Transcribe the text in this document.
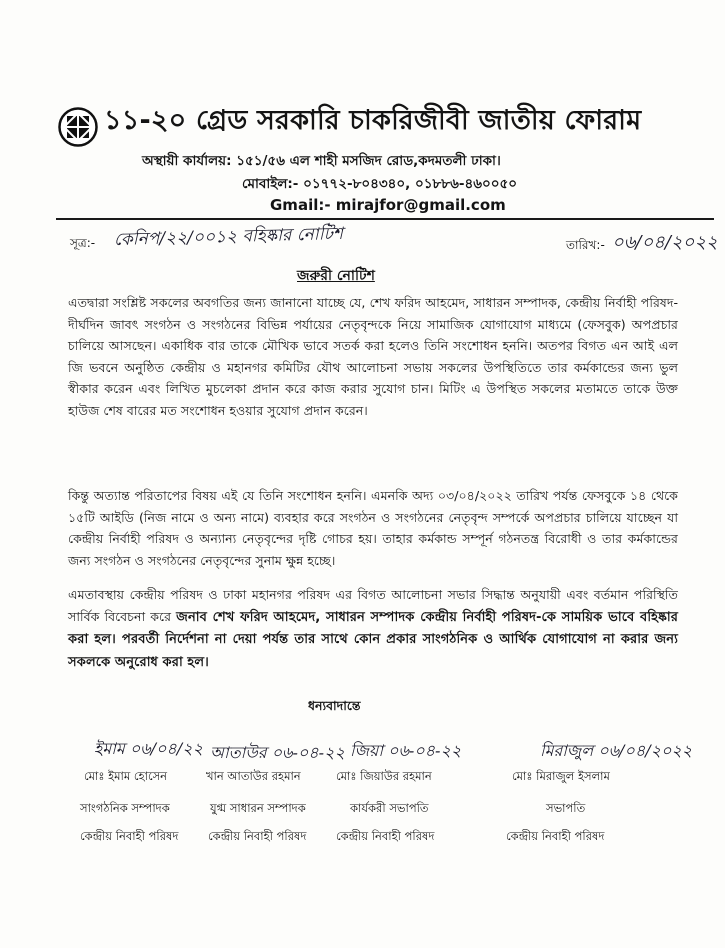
১১-২০ গ্রেড সরকারি চাকরিজীবী জাতীয় ফোরাম
অস্থায়ী কার্যালয়: ১৫১/৫৬ এল শাহী মসজিদ রোড,কদমতলী ঢাকা।
মোবাইল:- ০১৭৭২-৮০৪৩৪০, ০১৮৮৬-৪৬০০৫০
Gmail:- mirajfor@gmail.com
সূত্র:- কেনিপ/২২/০০১২ বহিষ্কার নোটিশ	তারিখ:- ০৬/০৪/২০২২
জরুরী নোটিশ
এতদ্বারা সংশ্লিষ্ট সকলের অবগতির জন্য জানানো যাচ্ছে যে, শেখ ফরিদ আহমেদ, সাধারন সম্পাদক, কেন্দ্রীয় নির্বাহী পরিষদ- দীর্ঘদিন জাবৎ সংগঠন ও সংগঠনের বিভিন্ন পর্যায়ের নেতৃবৃন্দকে নিয়ে সামাজিক যোগাযোগ মাধ্যমে (ফেসবুক) অপপ্রচার চালিয়ে আসছেন। একাধিক বার তাকে মৌখিক ভাবে সতর্ক করা হলেও তিনি সংশোধন হননি। অতপর বিগত এন আই এল জি ভবনে অনুষ্ঠিত কেন্দ্রীয় ও মহানগর কমিটির যৌথ আলোচনা সভায় সকলের উপস্থিতিতে তার কর্মকান্ডের জন্য ভুল স্বীকার করেন এবং লিখিত মুচলেকা প্রদান করে কাজ করার সুযোগ চান। মিটিং এ উপস্থিত সকলের মতামতে তাকে উক্ত হাউজ শেষ বারের মত সংশোধন হওয়ার সুযোগ প্রদান করেন।
কিন্তু অত্যান্ত পরিতাপের বিষয় এই যে তিনি সংশোধন হননি। এমনকি অদ্য ০৩/০৪/২০২২ তারিখ পর্যন্ত ফেসবুকে ১৪ থেকে ১৫টি আইডি (নিজ নামে ও অন্য নামে) ব্যবহার করে সংগঠন ও সংগঠনের নেতৃবৃন্দ সম্পর্কে অপপ্রচার চালিয়ে যাচ্ছেন যা কেন্দ্রীয় নির্বাহী পরিষদ ও অন্যান্য নেতৃবৃন্দের দৃষ্টি গোচর হয়। তাহার কর্মকান্ড সম্পূর্ন গঠনতন্ত্র বিরোধী ও তার কর্মকান্ডের জন্য সংগঠন ও সংগঠনের নেতৃবৃন্দের সুনাম ক্ষুন্ন হচ্ছে।
এমতাবস্থায় কেন্দ্রীয় পরিষদ ও ঢাকা মহানগর পরিষদ এর বিগত আলোচনা সভার সিদ্ধান্ত অনুযায়ী এবং বর্তমান পরিস্থিতি সার্বিক বিবেচনা করে জনাব শেখ ফরিদ আহমেদ, সাধারন সম্পাদক কেন্দ্রীয় নির্বাহী পরিষদ-কে সাময়িক ভাবে বহিষ্কার করা হল। পরবর্তী নির্দেশনা না দেয়া পর্যন্ত তার সাথে কোন প্রকার সাংগঠনিক ও আর্থিক যোগাযোগ না করার জন্য সকলকে অনুরোধ করা হল।
ধন্যবাদান্তে
ইমাম ০৬/০৪/২২
মোঃ ইমাম হোসেন
সাংগঠনিক সম্পাদক
কেন্দ্রীয় নিবাহী পরিষদ
আতাউর ০৬-০৪-২২
খান আতাউর রহমান
যুগ্ম সাধারন সম্পাদক
কেন্দ্রীয় নিবাহী পরিষদ
জিয়া ০৬-০৪-২২
মোঃ জিয়াউর রহমান
কার্যকরী সভাপতি
কেন্দ্রীয় নিবাহী পরিষদ
মিরাজুল ০৬/০৪/২০২২
মোঃ মিরাজুল ইসলাম
সভাপতি
কেন্দ্রীয় নিবাহী পরিষদ
